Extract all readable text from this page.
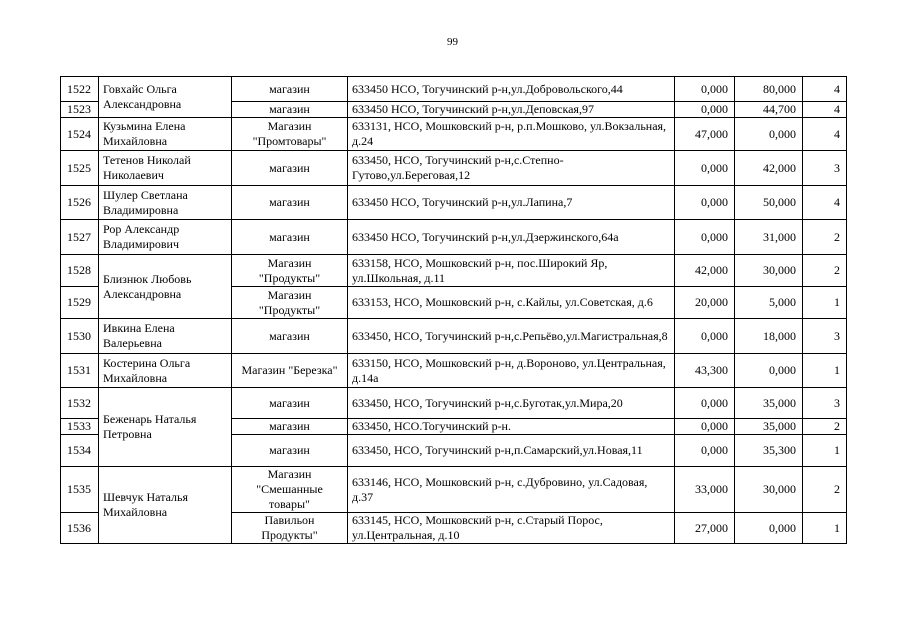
99
1522	Говхайс Ольга Александровна	магазин	633450 НСО, Тогучинский р-н,ул.Добровольского,44	0,000	80,000	4
1523		магазин	633450 НСО, Тогучинский р-н,ул.Деповская,97	0,000	44,700	4
1524	Кузьмина Елена Михайловна	Магазин "Промтовары"	633131, НСО, Мошковский р-н, р.п.Мошково, ул.Вокзальная, д.24	47,000	0,000	4
1525	Тетенов Николай Николаевич	магазин	633450, НСО, Тогучинский р-н,с.Степно-Гутово,ул.Береговая,12	0,000	42,000	3
1526	Шулер Светлана Владимировна	магазин	633450 НСО, Тогучинский р-н,ул.Лапина,7	0,000	50,000	4
1527	Рор Александр Владимирович	магазин	633450 НСО, Тогучинский р-н,ул.Дзержинского,64а	0,000	31,000	2
1528	Близнюк Любовь Александровна	Магазин "Продукты"	633158, НСО, Мошковский р-н, пос.Широкий Яр, ул.Школьная, д.11	42,000	30,000	2
1529		Магазин "Продукты"	633153, НСО, Мошковский р-н, с.Кайлы, ул.Советская, д.6	20,000	5,000	1
1530	Ивкина Елена Валерьевна	магазин	633450, НСО, Тогучинский р-н,с.Репьёво,ул.Магистральная,8	0,000	18,000	3
1531	Костерина Ольга Михайловна	Магазин "Березка"	633150, НСО, Мошковский р-н, д.Вороново, ул.Центральная, д.14а	43,300	0,000	1
1532	Беженарь Наталья Петровна	магазин	633450, НСО, Тогучинский р-н,с.Буготак,ул.Мира,20	0,000	35,000	3
1533		магазин	633450, НСО.Тогучинский р-н.	0,000	35,000	2
1534		магазин	633450, НСО, Тогучинский р-н,п.Самарский,ул.Новая,11	0,000	35,300	1
1535	Шевчук Наталья Михайловна	Магазин "Смешанные товары"	633146, НСО, Мошковский р-н, с.Дубровино, ул.Садовая, д.37	33,000	30,000	2
1536		Павильон Продукты"	633145, НСО, Мошковский р-н, с.Старый Порос, ул.Центральная, д.10	27,000	0,000	1
